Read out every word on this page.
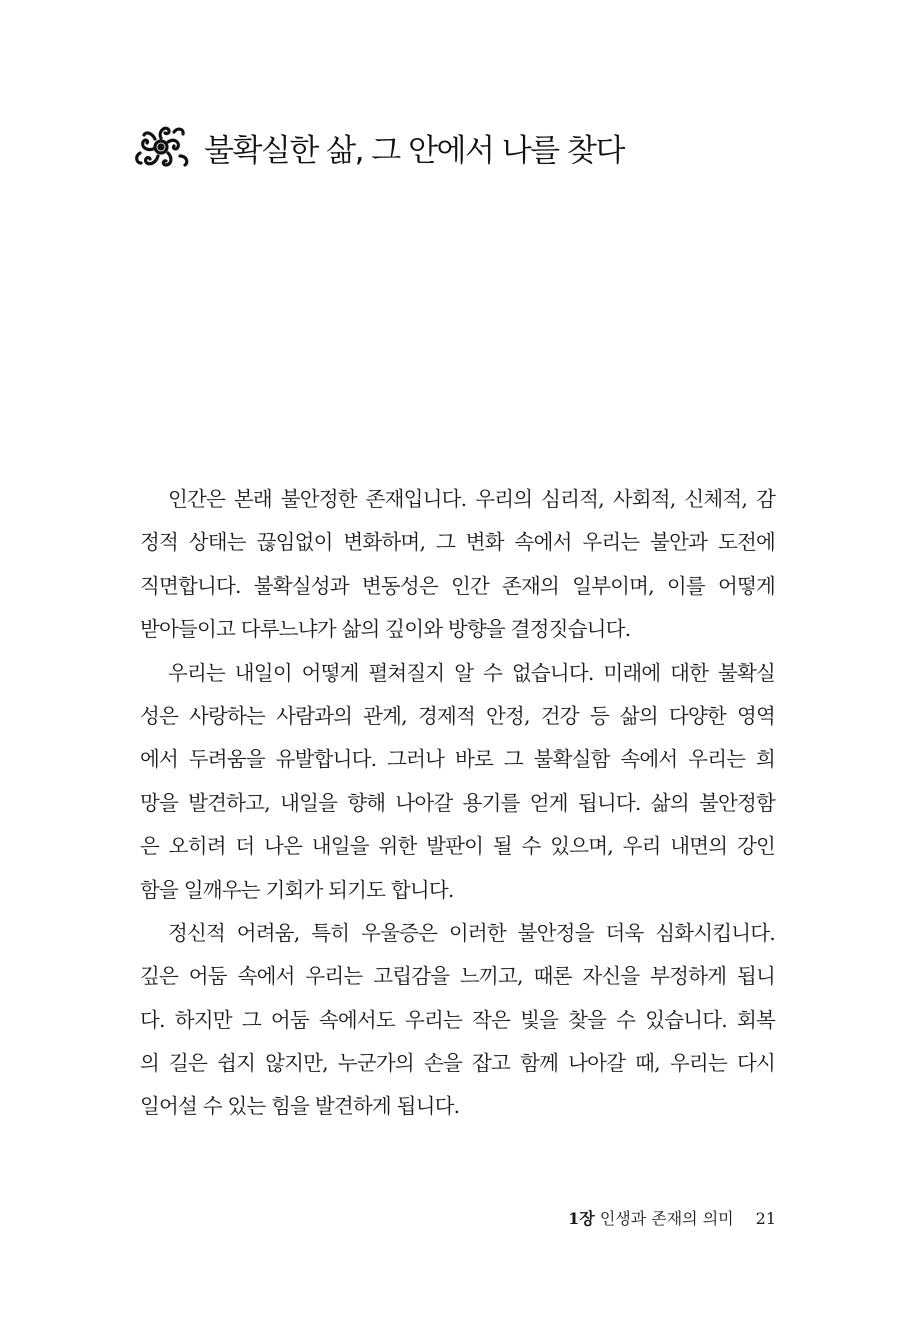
불확실한 삶, 그 안에서 나를 찾다
인간은 본래 불안정한 존재입니다. 우리의 심리적, 사회적, 신체적, 감
정적 상태는 끊임없이 변화하며, 그 변화 속에서 우리는 불안과 도전에
직면합니다. 불확실성과 변동성은 인간 존재의 일부이며, 이를 어떻게
받아들이고 다루느냐가 삶의 깊이와 방향을 결정짓습니다.
우리는 내일이 어떻게 펼쳐질지 알 수 없습니다. 미래에 대한 불확실
성은 사랑하는 사람과의 관계, 경제적 안정, 건강 등 삶의 다양한 영역
에서 두려움을 유발합니다. 그러나 바로 그 불확실함 속에서 우리는 희
망을 발견하고, 내일을 향해 나아갈 용기를 얻게 됩니다. 삶의 불안정함
은 오히려 더 나은 내일을 위한 발판이 될 수 있으며, 우리 내면의 강인
함을 일깨우는 기회가 되기도 합니다.
정신적 어려움, 특히 우울증은 이러한 불안정을 더욱 심화시킵니다.
깊은 어둠 속에서 우리는 고립감을 느끼고, 때론 자신을 부정하게 됩니
다. 하지만 그 어둠 속에서도 우리는 작은 빛을 찾을 수 있습니다. 회복
의 길은 쉽지 않지만, 누군가의 손을 잡고 함께 나아갈 때, 우리는 다시
일어설 수 있는 힘을 발견하게 됩니다.
1장 인생과 존재의 의미 21
